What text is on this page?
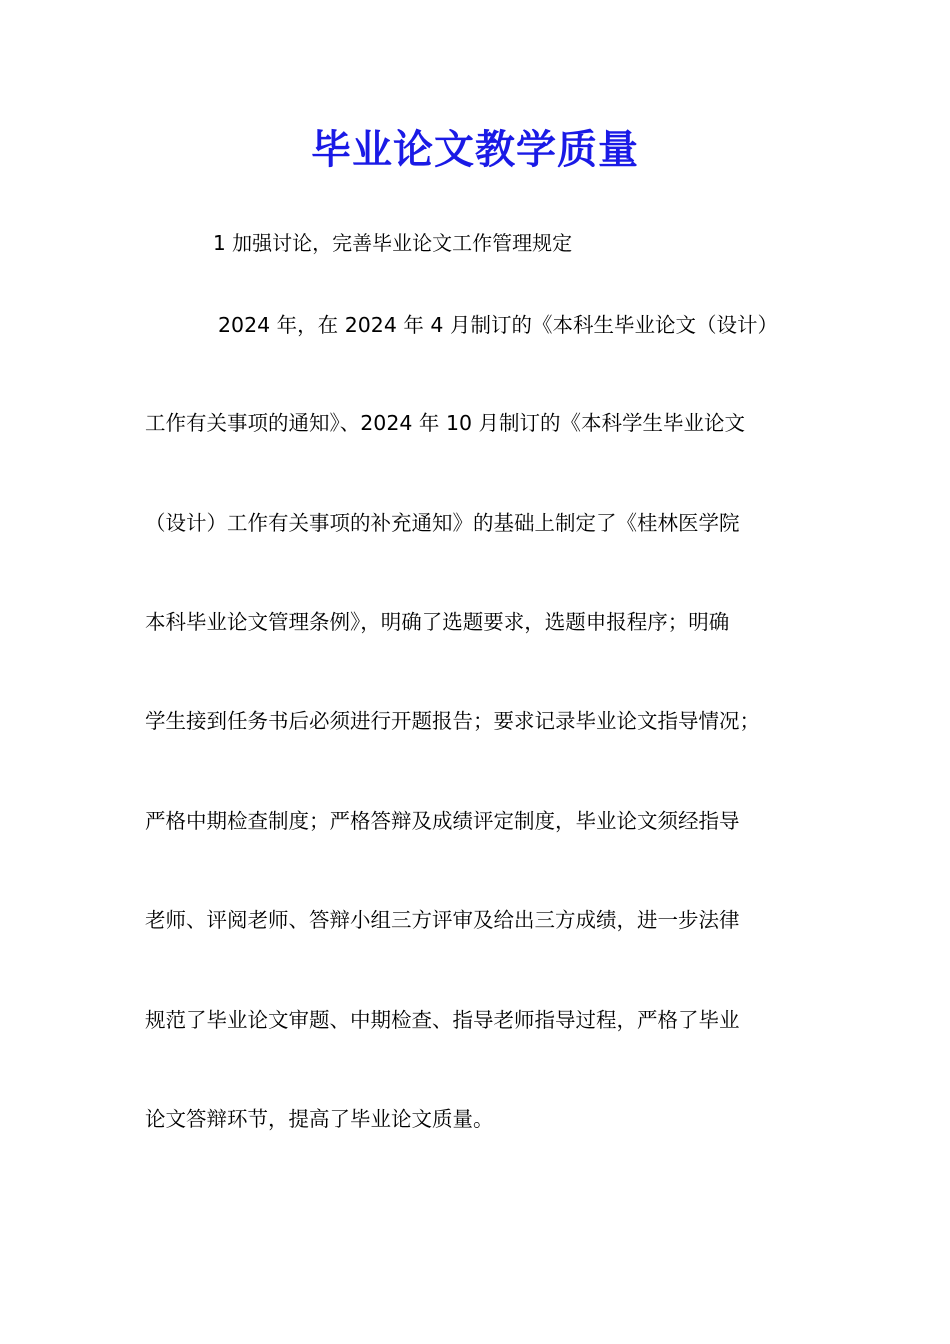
毕业论文教学质量
1 加强讨论，完善毕业论文工作管理规定
2024 年，在 2024 年 4 月制订的《本科生毕业论文（设计）
工作有关事项的通知》、2024 年 10 月制订的《本科学生毕业论文
（设计）工作有关事项的补充通知》的基础上制定了《桂林医学院
本科毕业论文管理条例》，明确了选题要求，选题申报程序；明确
学生接到任务书后必须进行开题报告；要求记录毕业论文指导情况；
严格中期检查制度；严格答辩及成绩评定制度，毕业论文须经指导
老师、评阅老师、答辩小组三方评审及给出三方成绩，进一步法律
规范了毕业论文审题、中期检查、指导老师指导过程，严格了毕业
论文答辩环节，提高了毕业论文质量。
